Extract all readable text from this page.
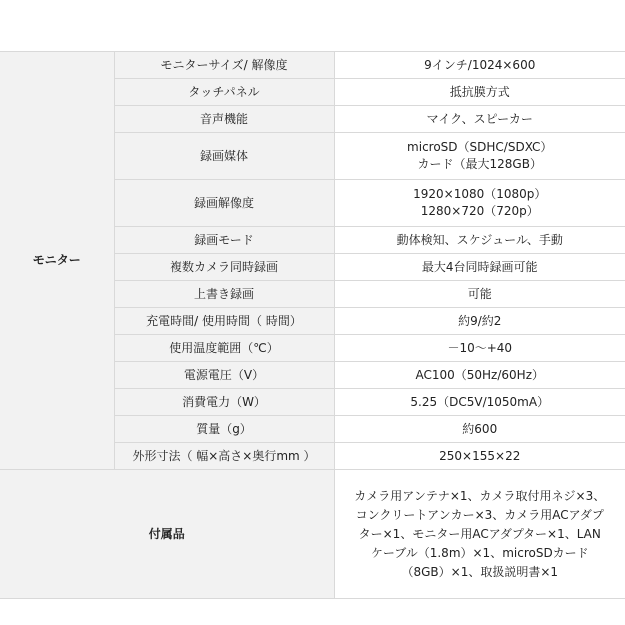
モニター	モニターサイズ/ 解像度	9インチ/1024×600
	タッチパネル	抵抗膜方式
	音声機能	マイク、スピーカー
	録画媒体	microSD（SDHC/SDXC）
カード（最大128GB）

	録画解像度	1920×1080（1080p）
1280×720（720p）

	録画モード	動体検知、スケジュール、手動
	複数カメラ同時録画	最大4台同時録画可能
	上書き録画	可能
	充電時間/ 使用時間（ 時間）	約9/約2
	使用温度範囲（℃）	－10～+40
	電源電圧（V）	AC100（50Hz/60Hz）
	消費電力（W）	5.25（DC5V/1050mA）
	質量（g）	約600
	外形寸法（ 幅×高さ×奥行mm ）	250×155×22
付属品		カメラ用アンテナ×1、カメラ取付用ネジ×3、
コンクリートアンカー×3、カメラ用ACアダプ
ター×1、モニター用ACアダプター×1、LAN
ケーブル（1.8m）×1、microSDカード
（8GB）×1、取扱説明書×1
